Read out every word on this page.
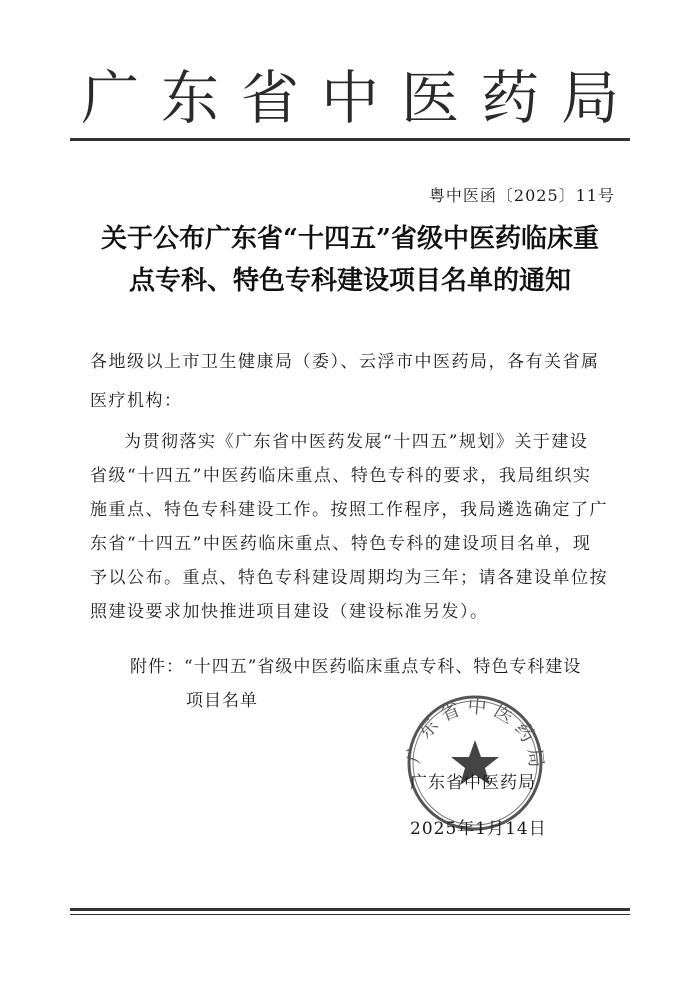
广东省中医药局
粤中医函〔2025〕11号
关于公布广东省“十四五”省级中医药临床重
点专科、特色专科建设项目名单的通知
各地级以上市卫生健康局（委）、云浮市中医药局，各有关省属
医疗机构：
为贯彻落实《广东省中医药发展“十四五”规划》关于建设
省级“十四五”中医药临床重点、特色专科的要求，我局组织实
施重点、特色专科建设工作。按照工作程序，我局遴选确定了广
东省“十四五”中医药临床重点、特色专科的建设项目名单，现
予以公布。重点、特色专科建设周期均为三年；请各建设单位按
照建设要求加快推进项目建设（建设标准另发）。
附件：“十四五”省级中医药临床重点专科、特色专科建设
项目名单
广东省中医药局
广东省中医药局
2025年1月14日
